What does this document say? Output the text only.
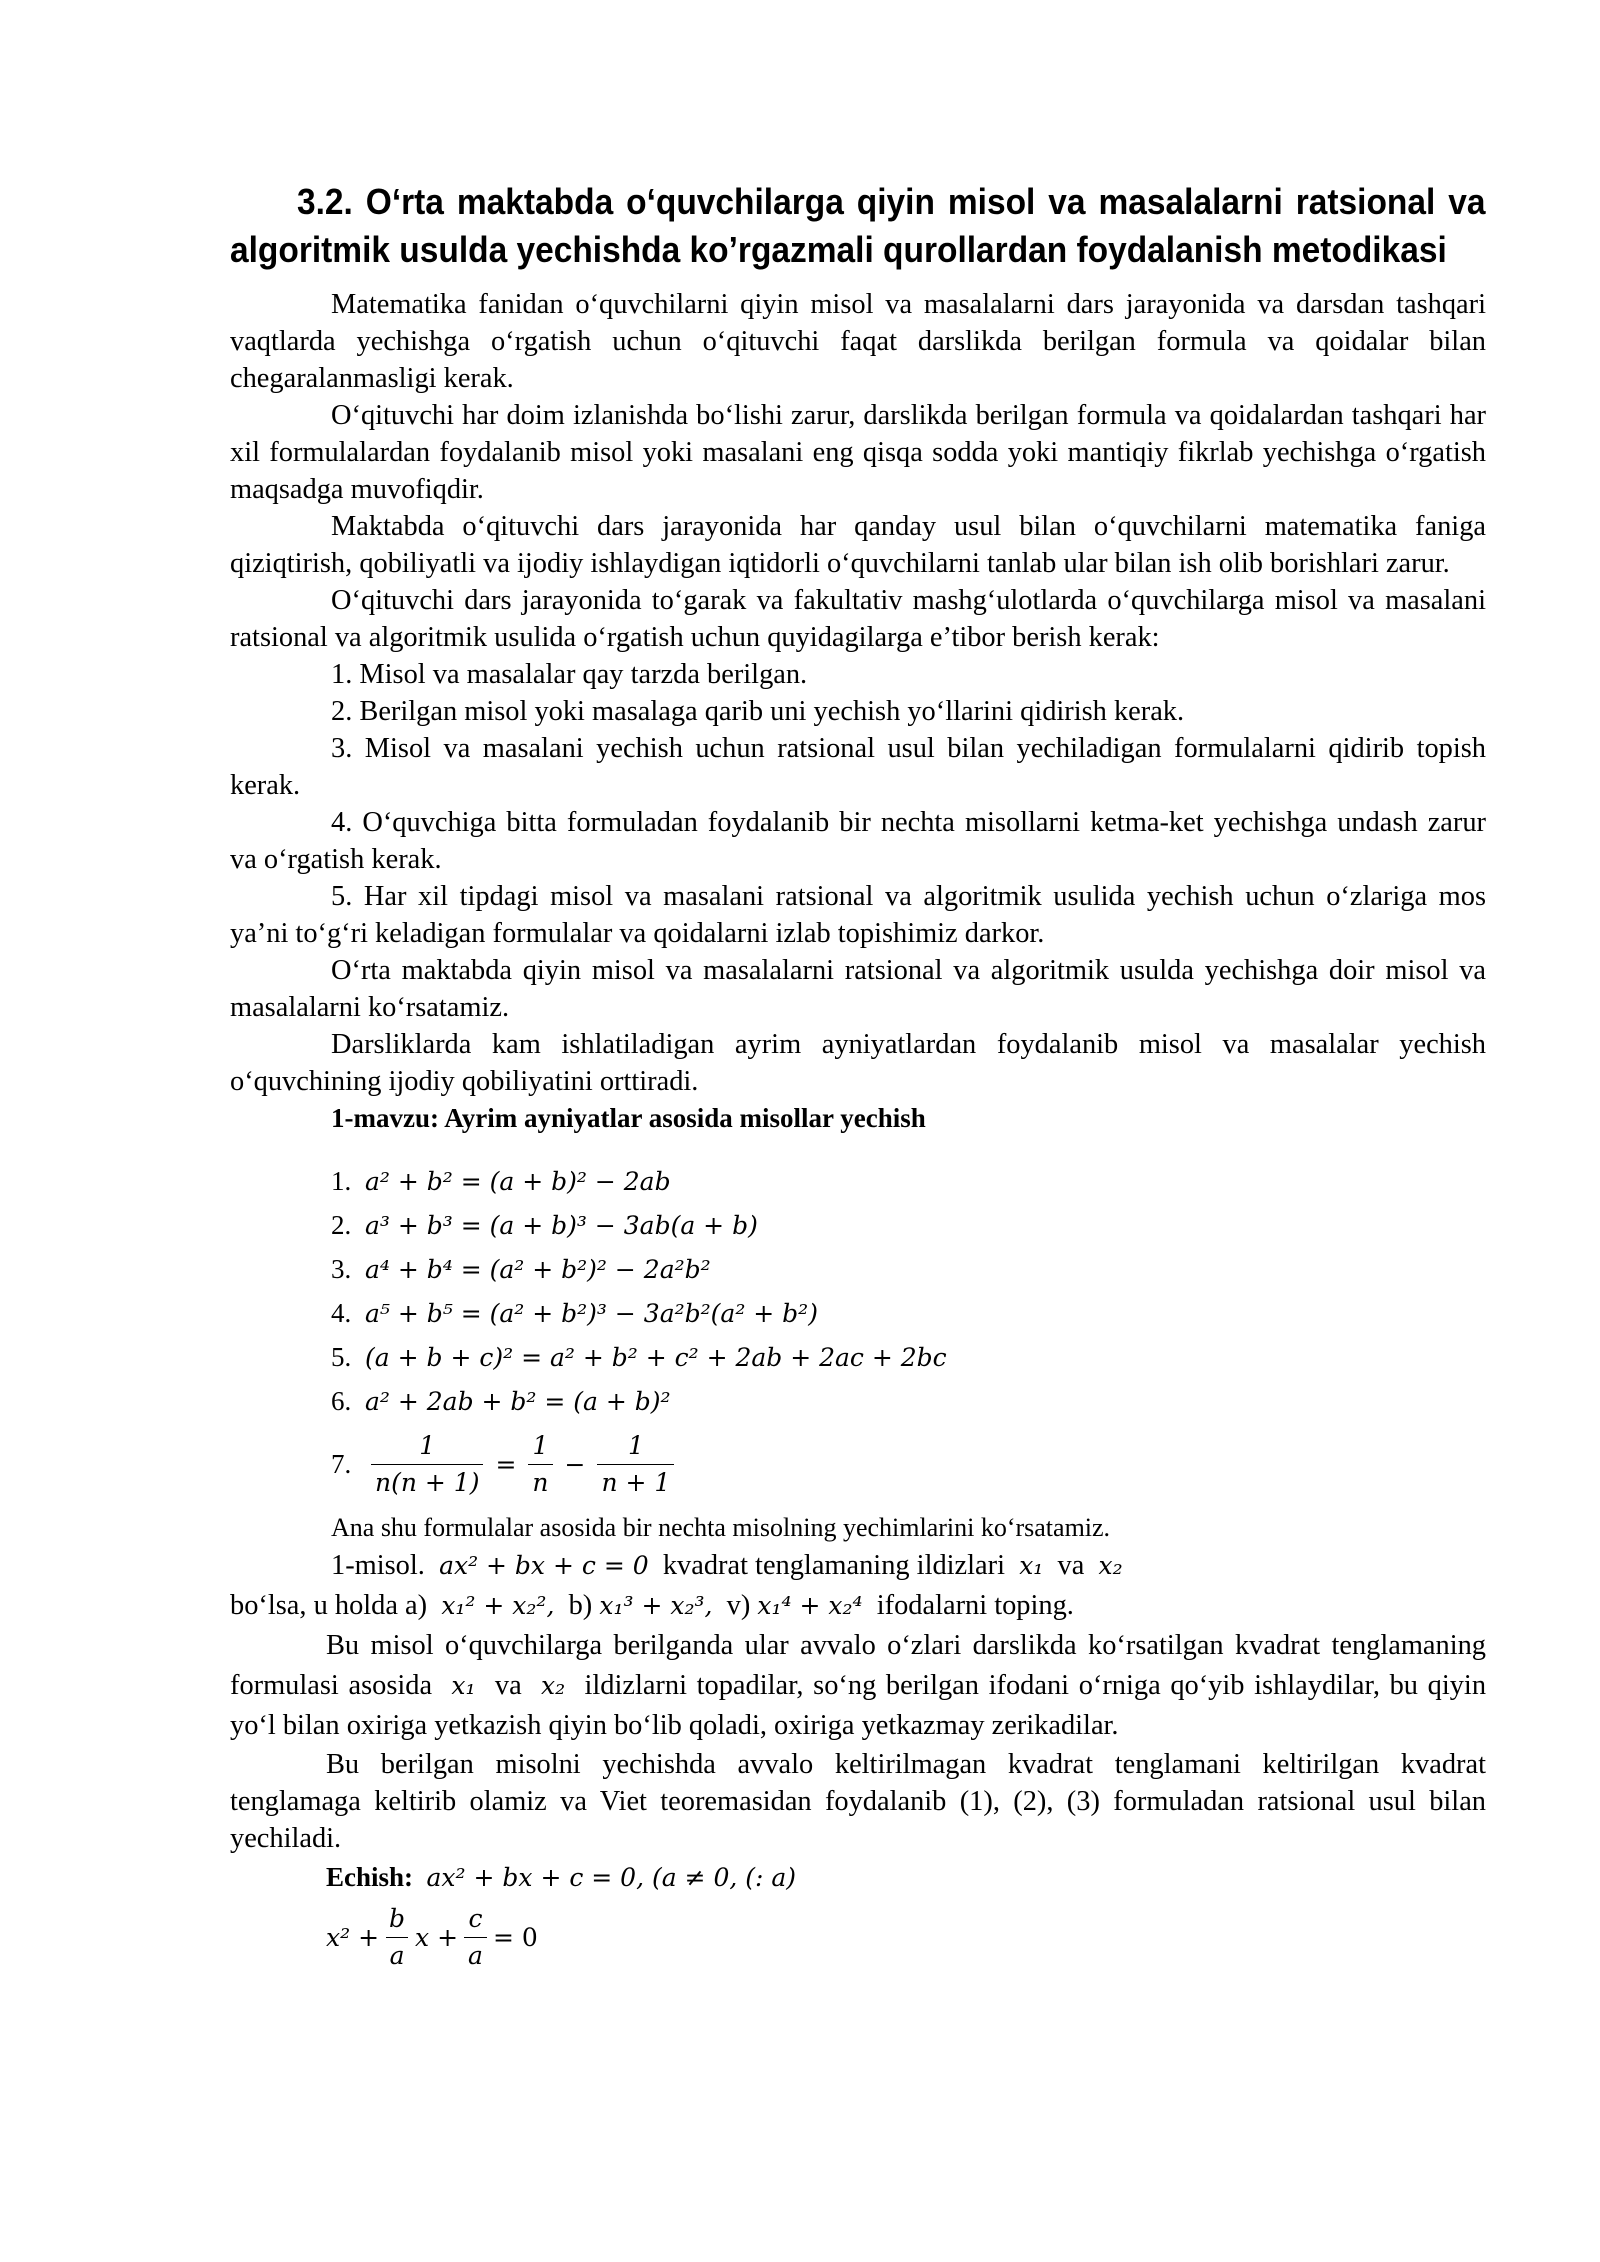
3.2. O‘rta maktabda o‘quvchilarga qiyin misol va masalalarni ratsional va algoritmik usulda yechishda ko’rgazmali qurollardan foydalanish metodikasi

Matematika fanidan o‘quvchilarni qiyin misol va masalalarni dars jarayonida va darsdan tashqari vaqtlarda yechishga o‘rgatish uchun o‘qituvchi faqat darslikda berilgan formula va qoidalar bilan chegaralanmasligi kerak.

O‘qituvchi har doim izlanishda bo‘lishi zarur, darslikda berilgan formula va qoidalardan tashqari har xil formulalardan foydalanib misol yoki masalani eng qisqa sodda yoki mantiqiy fikrlab yechishga o‘rgatish maqsadga muvofiqdir.

Maktabda o‘qituvchi dars jarayonida har qanday usul bilan o‘quvchilarni matematika faniga qiziqtirish, qobiliyatli va ijodiy ishlaydigan iqtidorli o‘quvchilarni tanlab ular bilan ish olib borishlari zarur.

O‘qituvchi dars jarayonida to‘garak va fakultativ mashg‘ulotlarda o‘quvchilarga misol va masalani ratsional va algoritmik usulida o‘rgatish uchun quyidagilarga e’tibor berish kerak:

1. Misol va masalalar qay tarzda berilgan.

2. Berilgan misol yoki masalaga qarib uni yechish yo‘llarini qidirish kerak.

3. Misol va masalani yechish uchun ratsional usul bilan yechiladigan formulalarni qidirib topish kerak.

4. O‘quvchiga bitta formuladan foydalanib bir nechta misollarni ketma-ket yechishga undash zarur va o‘rgatish kerak.

5. Har xil tipdagi misol va masalani ratsional va algoritmik usulida yechish uchun o‘zlariga mos ya’ni to‘g‘ri keladigan formulalar va qoidalarni izlab topishimiz darkor.

O‘rta maktabda qiyin misol va masalalarni ratsional va algoritmik usulda yechishga doir misol va masalalarni ko‘rsatamiz.

Darsliklarda kam ishlatiladigan ayrim ayniyatlardan foydalanib misol va masalalar yechish o‘quvchining ijodiy qobiliyatini orttiradi.

1-mavzu: Ayrim ayniyatlar asosida misollar yechish
1. a² + b² = (a + b)² − 2ab
2. a³ + b³ = (a + b)³ − 3ab(a + b)
3. a⁴ + b⁴ = (a² + b²)² − 2a²b²
4. a⁵ + b⁵ = (a² + b²)³ − 3a²b²(a² + b²)
5. (a + b + c)² = a² + b² + c² + 2ab + 2ac + 2bc
6. a² + 2ab + b² = (a + b)²
7. $\frac{1}{n(n + 1)} = \frac{1}{n} - \frac{1}{n + 1}$
Ana shu formulalar asosida bir nechta misolning yechimlarini ko‘rsatamiz.

1-misol. ax² + bx + c = 0 kvadrat tenglamaning ildizlari x₁ va x₂

bo‘lsa, u holda a) x₁² + x₂², b) x₁³ + x₂³, v) x₁⁴ + x₂⁴ ifodalarni toping.

Bu misol o‘quvchilarga berilganda ular avvalo o‘zlari darslikda ko‘rsatilgan kvadrat tenglamaning formulasi asosida x₁ va x₂ ildizlarni topadilar, so‘ng berilgan ifodani o‘rniga qo‘yib ishlaydilar, bu qiyin yo‘l bilan oxiriga yetkazish qiyin bo‘lib qoladi, oxiriga yetkazmay zerikadilar.

Bu berilgan misolni yechishda avvalo keltirilmagan kvadrat tenglamani keltirilgan kvadrat tenglamaga keltirib olamiz va Viet teoremasidan foydalanib (1), (2), (3) formuladan ratsional usul bilan yechiladi.

Echish: ax² + bx + c = 0, (a ≠ 0, (: a)
$x^2 + \frac{b}{a}$ $x + \frac{c}{a} = 0$
